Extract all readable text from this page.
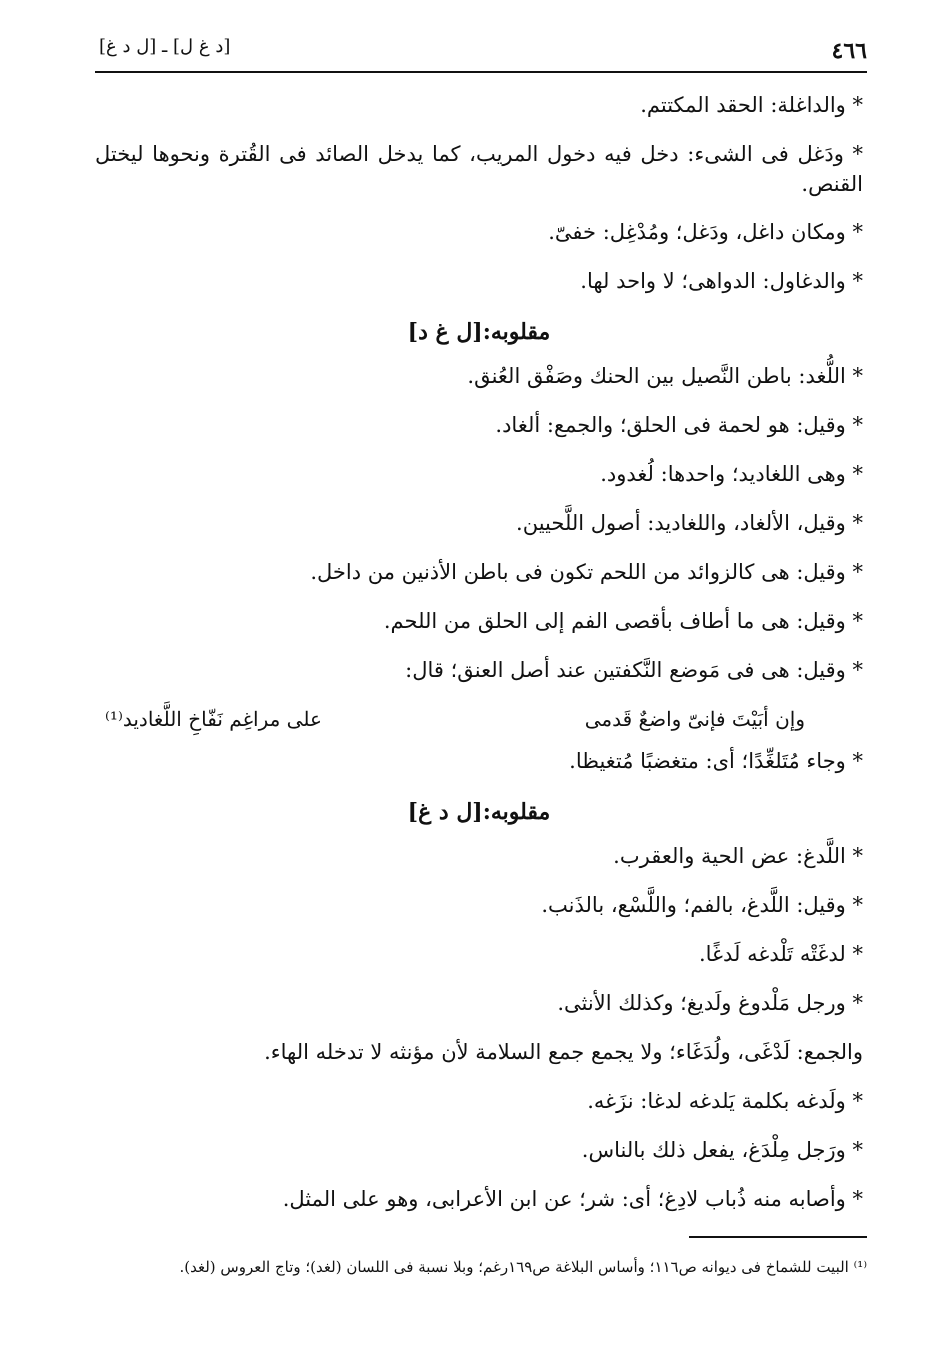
[د غ ل] ـ [ل د غ]	٤٦٦
* والداغلة: الحقد المكتتم.
* ودَغل فى الشىء: دخل فيه دخول المريب، كما يدخل الصائد فى القُترة ونحوها ليختل القنص.
* ومكان داغل، ودَغل؛ ومُدْغِل: خفىّ.
* والدغاول: الدواهى؛ لا واحد لها.
مقلوبه:[ل غ د]
* اللُّغد: باطن النَّصيل بين الحنك وصَفْق العُنق.
* وقيل: هو لحمة فى الحلق؛ والجمع: ألغاد.
* وهى اللغاديد؛ واحدها: لُغدود.
* وقيل، الألغاد، واللغاديد: أصول اللَّحيين.
* وقيل: هى كالزوائد من اللحم تكون فى باطن الأذنين من داخل.
* وقيل: هى ما أطاف بأقصى الفم إلى الحلق من اللحم.
* وقيل: هى فى مَوضع النَّكفتين عند أصل العنق؛ قال:
وإن أبَيْتَ فإنىّ واضعٌ قَدمى
على مراغِم نَفّاخِ اللَّغاديد⁽¹⁾
* وجاء مُتَلغِّدًا؛ أى: متغضبًا مُتغيظا.
مقلوبه:[ل د غ]
* اللَّدغ: عض الحية والعقرب.
* وقيل: اللَّدغ، بالفم؛ واللَّسْع، بالذَنب.
* لدغَتْه تَلْدغه لَدغًا.
* ورجل مَلْدوغ ولَديغ؛ وكذلك الأنثى.
والجمع: لَدْغَى، ولُدَغَاء؛ ولا يجمع جمع السلامة لأن مؤنثه لا تدخله الهاء.
* ولَدغه بكلمة يَلدغه لدغا: نزَغه.
* ورَجل مِلْدَغ، يفعل ذلك بالناس.
* وأصابه منه ذُباب لادِغ؛ أى: شر؛ عن ابن الأعرابى، وهو على المثل.
⁽¹⁾ البيت للشماخ فى ديوانه ص١١٦؛ وأساس البلاغة ص١٦٩رغم؛ وبلا نسبة فى اللسان (لغد)؛ وتاج العروس (لغد).
